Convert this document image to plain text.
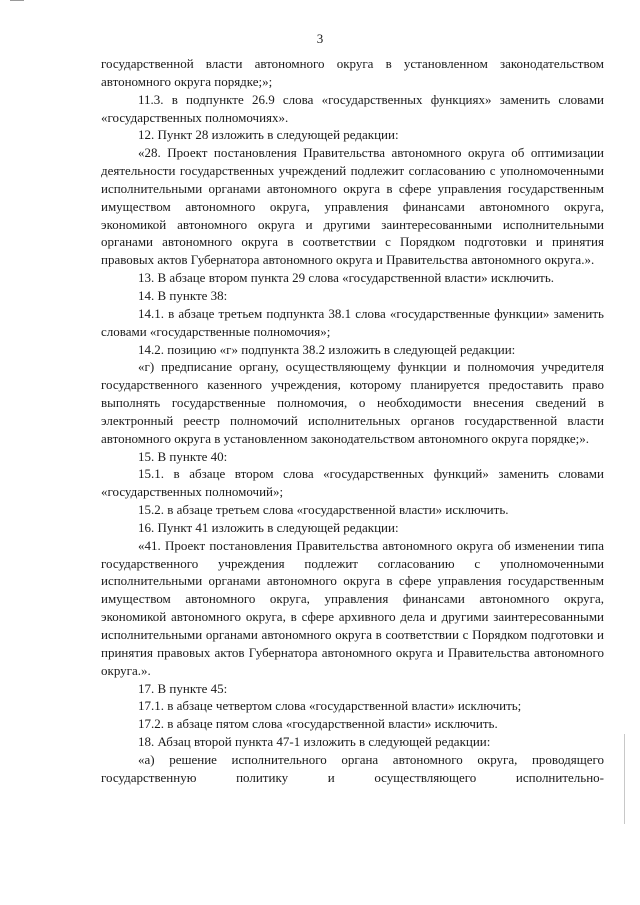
3

государственной власти автономного округа в установленном законодательством автономного округа порядке;»;

11.3. в подпункте 26.9 слова «государственных функциях» заменить словами «государственных полномочиях».

12. Пункт 28 изложить в следующей редакции:

«28. Проект постановления Правительства автономного округа об оптимизации деятельности государственных учреждений подлежит согласованию с уполномоченными исполнительными органами автономного округа в сфере управления государственным имуществом автономного округа, управления финансами автономного округа, экономикой автономного округа и другими заинтересованными исполнительными органами автономного округа в соответствии с Порядком подготовки и принятия правовых актов Губернатора автономного округа и Правительства автономного округа.».

13. В абзаце втором пункта 29 слова «государственной власти» исключить.

14. В пункте 38:

14.1. в абзаце третьем подпункта 38.1 слова «государственные функции» заменить словами «государственные полномочия»;

14.2. позицию «г» подпункта 38.2 изложить в следующей редакции:

«г) предписание органу, осуществляющему функции и полномочия учредителя государственного казенного учреждения, которому планируется предоставить право выполнять государственные полномочия, о необходимости внесения сведений в электронный реестр полномочий исполнительных органов государственной власти автономного округа в установленном законодательством автономного округа порядке;».

15. В пункте 40:

15.1. в абзаце втором слова «государственных функций» заменить словами «государственных полномочий»;

15.2. в абзаце третьем слова «государственной власти» исключить.

16. Пункт 41 изложить в следующей редакции:

«41. Проект постановления Правительства автономного округа об изменении типа государственного учреждения подлежит согласованию с уполномоченными исполнительными органами автономного округа в сфере управления государственным имуществом автономного округа, управления финансами автономного округа, экономикой автономного округа, в сфере архивного дела и другими заинтересованными исполнительными органами автономного округа в соответствии с Порядком подготовки и принятия правовых актов Губернатора автономного округа и Правительства автономного округа.».

17. В пункте 45:

17.1. в абзаце четвертом слова «государственной власти» исключить;

17.2. в абзаце пятом слова «государственной власти» исключить.

18. Абзац второй пункта 47-1 изложить в следующей редакции:

«а) решение исполнительного органа автономного округа, проводящего государственную политику и осуществляющего исполнительно-
